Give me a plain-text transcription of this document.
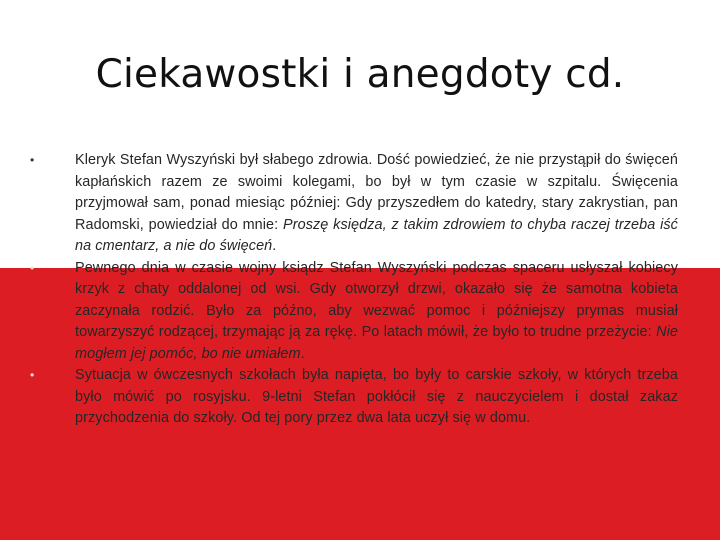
Ciekawostki i anegdoty cd.
•	Kleryk Stefan Wyszyński był słabego zdrowia. Dość powiedzieć, że nie przystąpił do święceń kapłańskich razem ze swoimi kolegami, bo był w tym czasie w szpitalu. Święcenia przyjmował sam, ponad miesiąc później: Gdy przyszedłem do katedry, stary zakrystian, pan Radomski, powiedział do mnie: Proszę księdza, z takim zdrowiem to chyba raczej trzeba iść na cmentarz, a nie do święceń.
•	Pewnego dnia w czasie wojny ksiądz Stefan Wyszyński podczas spaceru usłyszał kobiecy krzyk z chaty oddalonej od wsi. Gdy otworzył drzwi, okazało się że samotna kobieta zaczynała rodzić. Było za późno, aby wezwać pomoc i późniejszy prymas musiał towarzyszyć rodzącej, trzymając ją za rękę. Po latach mówił, że było to trudne przeżycie: Nie mogłem jej pomóc, bo nie umiałem.
•	Sytuacja w ówczesnych szkołach była napięta, bo były to carskie szkoły, w których trzeba było mówić po rosyjsku. 9-letni Stefan pokłócił się z nauczycielem i dostał zakaz przychodzenia do szkoły. Od tej pory przez dwa lata uczył się w domu.
